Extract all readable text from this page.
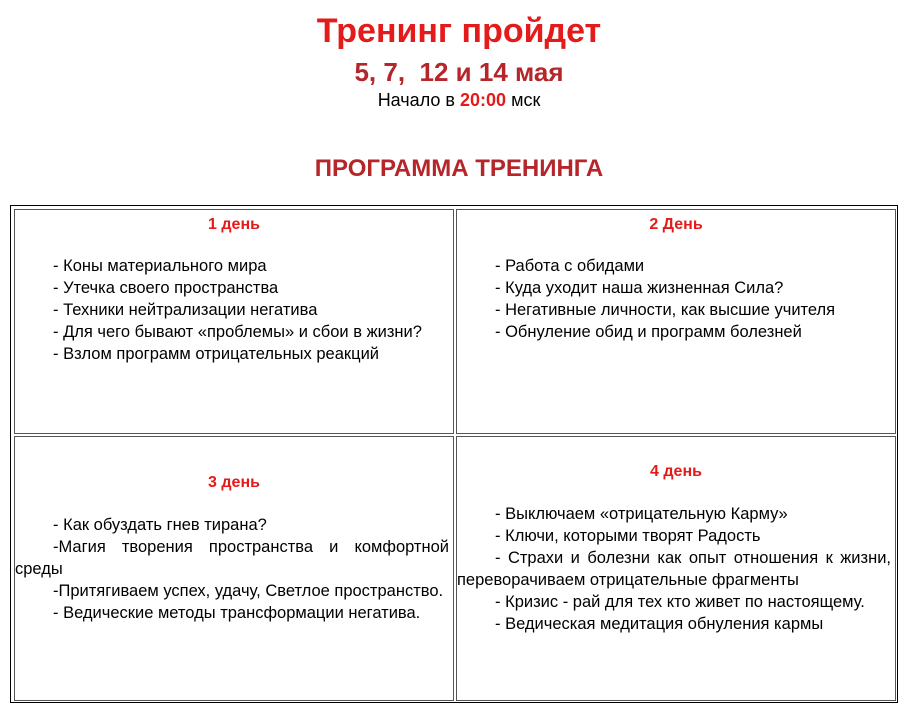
Тренинг пройдет
5, 7,  12 и 14 мая
Начало в 20:00 мск
ПРОГРАММА ТРЕНИНГА
1 день
- Коны материального мира
- Утечка своего пространства
- Техники нейтрализации негатива
- Для чего бывают «проблемы» и сбои в жизни?
- Взлом программ отрицательных реакций
2 День
- Работа с обидами
- Куда уходит наша жизненная Сила?
- Негативные личности, как высшие учителя
- Обнуление обид и программ болезней
3 день
- Как обуздать гнев тирана?
-Магия творения пространства и комфортной среды
-Притягиваем успех, удачу, Светлое пространство.
- Ведические методы трансформации негатива.
4 день
- Выключаем «отрицательную Карму»
- Ключи, которыми творят Радость
- Страхи и болезни как опыт отношения к жизни, переворачиваем отрицательные фрагменты
- Кризис - рай для тех кто живет по настоящему.
- Ведическая медитация обнуления кармы
